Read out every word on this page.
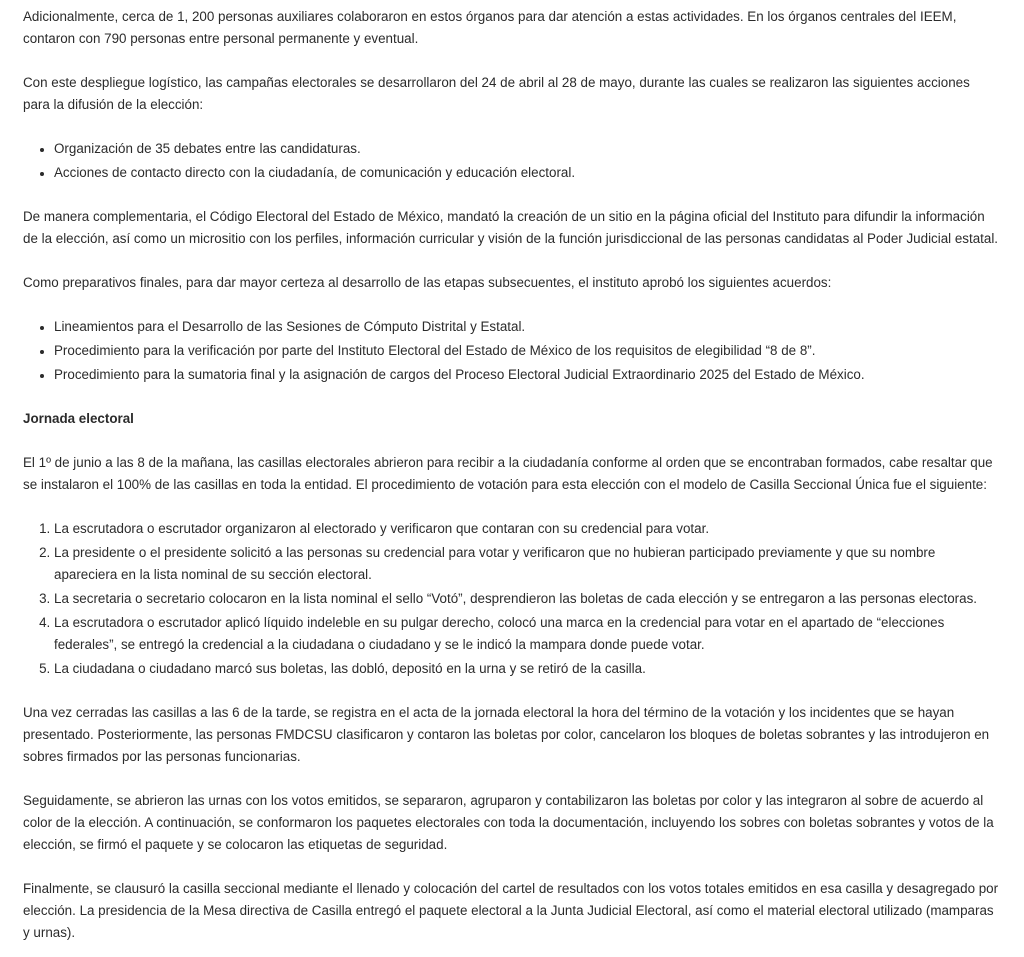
Adicionalmente, cerca de 1, 200 personas auxiliares colaboraron en estos órganos para dar atención a estas actividades. En los órganos centrales del IEEM, contaron con 790 personas entre personal permanente y eventual.

Con este despliegue logístico, las campañas electorales se desarrollaron del 24 de abril al 28 de mayo, durante las cuales se realizaron las siguientes acciones para la difusión de la elección:

• Organización de 35 debates entre las candidaturas.
• Acciones de contacto directo con la ciudadanía, de comunicación y educación electoral.

De manera complementaria, el Código Electoral del Estado de México, mandató la creación de un sitio en la página oficial del Instituto para difundir la información de la elección, así como un micrositio con los perfiles, información curricular y visión de la función jurisdiccional de las personas candidatas al Poder Judicial estatal.

Como preparativos finales, para dar mayor certeza al desarrollo de las etapas subsecuentes, el instituto aprobó los siguientes acuerdos:

• Lineamientos para el Desarrollo de las Sesiones de Cómputo Distrital y Estatal.
• Procedimiento para la verificación por parte del Instituto Electoral del Estado de México de los requisitos de elegibilidad “8 de 8”.
• Procedimiento para la sumatoria final y la asignación de cargos del Proceso Electoral Judicial Extraordinario 2025 del Estado de México.

Jornada electoral

El 1º de junio a las 8 de la mañana, las casillas electorales abrieron para recibir a la ciudadanía conforme al orden que se encontraban formados, cabe resaltar que se instalaron el 100% de las casillas en toda la entidad. El procedimiento de votación para esta elección con el modelo de Casilla Seccional Única fue el siguiente:

1. La escrutadora o escrutador organizaron al electorado y verificaron que contaran con su credencial para votar.
2. La presidente o el presidente solicitó a las personas su credencial para votar y verificaron que no hubieran participado previamente y que su nombre apareciera en la lista nominal de su sección electoral.
3. La secretaria o secretario colocaron en la lista nominal el sello “Votó”, desprendieron las boletas de cada elección y se entregaron a las personas electoras.
4. La escrutadora o escrutador aplicó líquido indeleble en su pulgar derecho, colocó una marca en la credencial para votar en el apartado de “elecciones federales”, se entregó la credencial a la ciudadana o ciudadano y se le indicó la mampara donde puede votar.
5. La ciudadana o ciudadano marcó sus boletas, las dobló, depositó en la urna y se retiró de la casilla.

Una vez cerradas las casillas a las 6 de la tarde, se registra en el acta de la jornada electoral la hora del término de la votación y los incidentes que se hayan presentado. Posteriormente, las personas FMDCSU clasificaron y contaron las boletas por color, cancelaron los bloques de boletas sobrantes y las introdujeron en sobres firmados por las personas funcionarias.

Seguidamente, se abrieron las urnas con los votos emitidos, se separaron, agruparon y contabilizaron las boletas por color y las integraron al sobre de acuerdo al color de la elección. A continuación, se conformaron los paquetes electorales con toda la documentación, incluyendo los sobres con boletas sobrantes y votos de la elección, se firmó el paquete y se colocaron las etiquetas de seguridad.

Finalmente, se clausuró la casilla seccional mediante el llenado y colocación del cartel de resultados con los votos totales emitidos en esa casilla y desagregado por elección. La presidencia de la Mesa directiva de Casilla entregó el paquete electoral a la Junta Judicial Electoral, así como el material electoral utilizado (mamparas y urnas).
